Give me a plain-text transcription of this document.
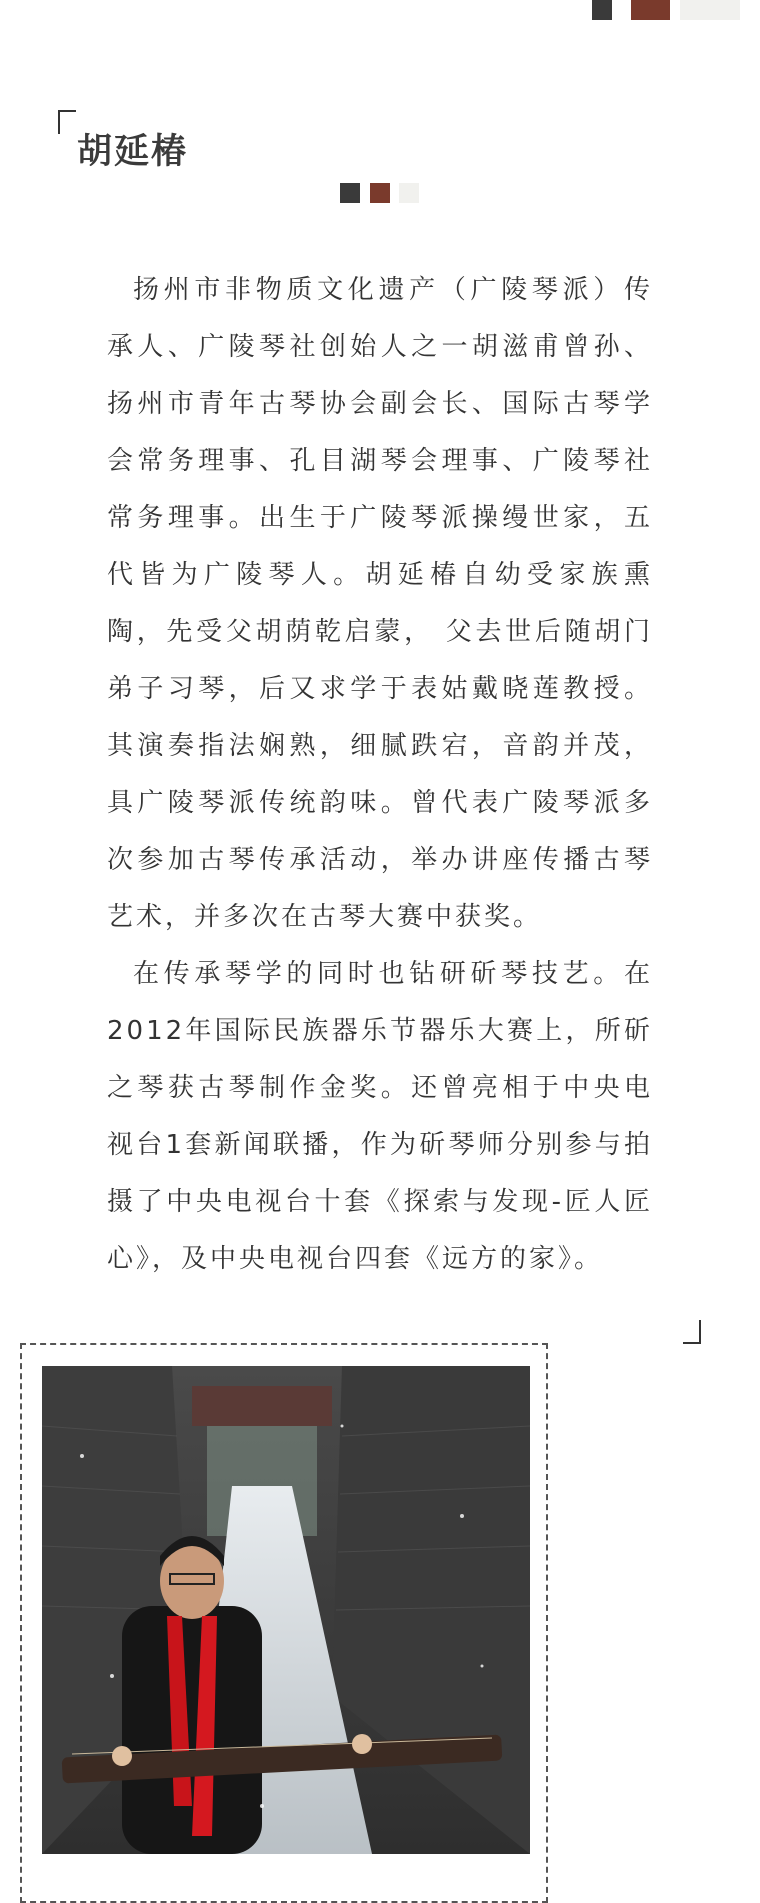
胡延椿

扬州市非物质文化遗产（广陵琴派）传承人、广陵琴社创始人之一胡滋甫曾孙、扬州市青年古琴协会副会长、国际古琴学会常务理事、孔目湖琴会理事、广陵琴社常务理事。出生于广陵琴派操缦世家，五代皆为广陵琴人。胡延椿自幼受家族熏陶，先受父胡荫乾启蒙， 父去世后随胡门弟子习琴，后又求学于表姑戴晓莲教授。其演奏指法娴熟，细腻跌宕，音韵并茂，具广陵琴派传统韵味。曾代表广陵琴派多次参加古琴传承活动，举办讲座传播古琴艺术，并多次在古琴大赛中获奖。

在传承琴学的同时也钻研斫琴技艺。在2012年国际民族器乐节器乐大赛上，所斫之琴获古琴制作金奖。还曾亮相于中央电视台1套新闻联播，作为斫琴师分别参与拍摄了中央电视台十套《探索与发现-匠人匠心》，及中央电视台四套《远方的家》。
